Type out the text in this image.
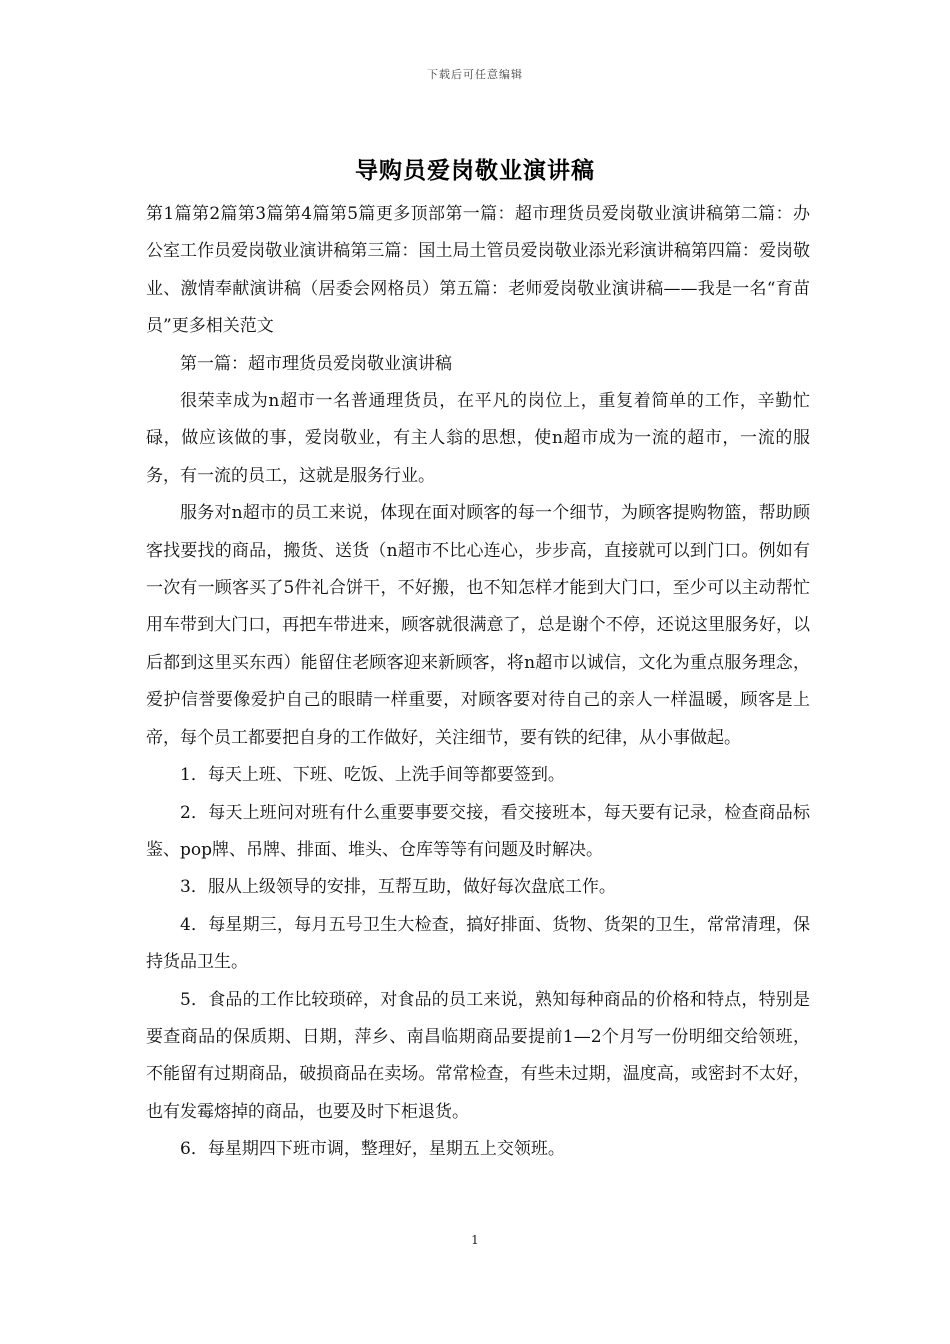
下载后可任意编辑
导购员爱岗敬业演讲稿

第1篇第2篇第3篇第4篇第5篇更多顶部第一篇：超市理货员爱岗敬业演讲稿第二篇：办公室工作员爱岗敬业演讲稿第三篇：国土局土管员爱岗敬业添光彩演讲稿第四篇：爱岗敬业、激情奉献演讲稿（居委会网格员）第五篇：老师爱岗敬业演讲稿——我是一名“育苗员”更多相关范文

第一篇：超市理货员爱岗敬业演讲稿

很荣幸成为n超市一名普通理货员，在平凡的岗位上，重复着简单的工作，辛勤忙碌，做应该做的事，爱岗敬业，有主人翁的思想，使n超市成为一流的超市，一流的服务，有一流的员工，这就是服务行业。

服务对n超市的员工来说，体现在面对顾客的每一个细节，为顾客提购物篮，帮助顾客找要找的商品，搬货、送货（n超市不比心连心，步步高，直接就可以到门口。例如有一次有一顾客买了5件礼合饼干，不好搬，也不知怎样才能到大门口，至少可以主动帮忙用车带到大门口，再把车带进来，顾客就很满意了，总是谢个不停，还说这里服务好，以后都到这里买东西）能留住老顾客迎来新顾客，将n超市以诚信，文化为重点服务理念，爱护信誉要像爱护自己的眼睛一样重要，对顾客要对待自己的亲人一样温暖，顾客是上帝，每个员工都要把自身的工作做好，关注细节，要有铁的纪律，从小事做起。

1．每天上班、下班、吃饭、上洗手间等都要签到。

2．每天上班问对班有什么重要事要交接，看交接班本，每天要有记录，检查商品标鉴、pop牌、吊牌、排面、堆头、仓库等等有问题及时解决。

3．服从上级领导的安排，互帮互助，做好每次盘底工作。

4．每星期三，每月五号卫生大检查，搞好排面、货物、货架的卫生，常常清理，保持货品卫生。

5．食品的工作比较琐碎，对食品的员工来说，熟知每种商品的价格和特点，特别是要查商品的保质期、日期，萍乡、南昌临期商品要提前1—2个月写一份明细交给领班，不能留有过期商品，破损商品在卖场。常常检查，有些未过期，温度高，或密封不太好，也有发霉熔掉的商品，也要及时下柜退货。

6．每星期四下班市调，整理好，星期五上交领班。

1
